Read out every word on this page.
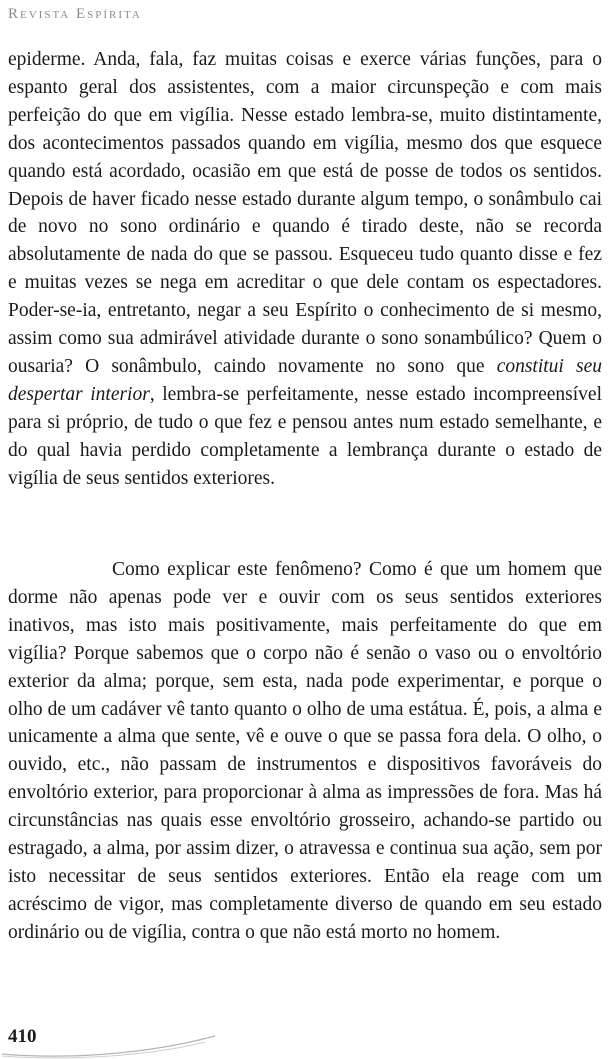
Revista Espírita

epiderme. Anda, fala, faz muitas coisas e exerce várias funções, para o espanto geral dos assistentes, com a maior circunspeção e com mais perfeição do que em vigília. Nesse estado lembra-se, muito distintamente, dos acontecimentos passados quando em vigília, mesmo dos que esquece quando está acordado, ocasião em que está de posse de todos os sentidos. Depois de haver ficado nesse estado durante algum tempo, o sonâmbulo cai de novo no sono ordinário e quando é tirado deste, não se recorda absolutamente de nada do que se passou. Esqueceu tudo quanto disse e fez e muitas vezes se nega em acreditar o que dele contam os espectadores. Poder-se-ia, entretanto, negar a seu Espírito o conhecimento de si mesmo, assim como sua admirável atividade durante o sono sonambúlico? Quem o ousaria? O sonâmbulo, caindo novamente no sono que constitui seu despertar interior, lembra-se perfeitamente, nesse estado incompreensível para si próprio, de tudo o que fez e pensou antes num estado semelhante, e do qual havia perdido completamente a lembrança durante o estado de vigília de seus sentidos exteriores.

Como explicar este fenômeno? Como é que um homem que dorme não apenas pode ver e ouvir com os seus sentidos exteriores inativos, mas isto mais positivamente, mais perfeitamente do que em vigília? Porque sabemos que o corpo não é senão o vaso ou o envoltório exterior da alma; porque, sem esta, nada pode experimentar, e porque o olho de um cadáver vê tanto quanto o olho de uma estátua. É, pois, a alma e unicamente a alma que sente, vê e ouve o que se passa fora dela. O olho, o ouvido, etc., não passam de instrumentos e dispositivos favoráveis do envoltório exterior, para proporcionar à alma as impressões de fora. Mas há circunstâncias nas quais esse envoltório grosseiro, achando-se partido ou estragado, a alma, por assim dizer, o atravessa e continua sua ação, sem por isto necessitar de seus sentidos exteriores. Então ela reage com um acréscimo de vigor, mas completamente diverso de quando em seu estado ordinário ou de vigília, contra o que não está morto no homem.

410
